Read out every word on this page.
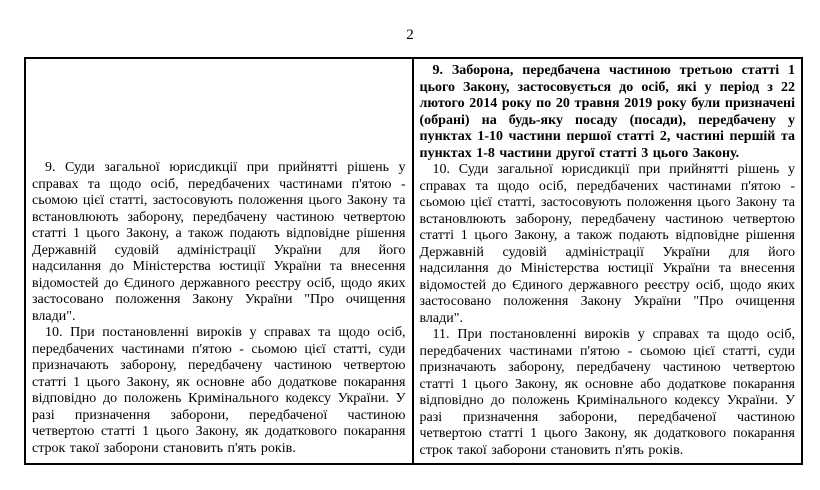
2

9. Суди загальної юрисдикції при прийнятті рішень у справах та щодо осіб, передбачених частинами п'ятою - сьомою цієї статті, застосовують положення цього Закону та встановлюють заборону, передбачену частиною четвертою статті 1 цього Закону, а також подають відповідне рішення Державній судовій адміністрації України для його надсилання до Міністерства юстиції України та внесення відомостей до Єдиного державного реєстру осіб, щодо яких застосовано положення Закону України "Про очищення влади".

10. При постановленні вироків у справах та щодо осіб, передбачених частинами п'ятою - сьомою цієї статті, суди призначають заборону, передбачену частиною четвертою статті 1 цього Закону, як основне або додаткове покарання відповідно до положень Кримінального кодексу України. У разі призначення заборони, передбаченої частиною четвертою статті 1 цього Закону, як додаткового покарання строк такої заборони становить п'ять років.

9. Заборона, передбачена частиною третьою статті 1 цього Закону, застосовується до осіб, які у період з 22 лютого 2014 року по 20 травня 2019 року були призначені (обрані) на будь-яку посаду (посади), передбачену у пунктах 1-10 частини першої статті 2, частині першій та пунктах 1-8 частини другої статті 3 цього Закону.

10. Суди загальної юрисдикції при прийнятті рішень у справах та щодо осіб, передбачених частинами п'ятою - сьомою цієї статті, застосовують положення цього Закону та встановлюють заборону, передбачену частиною четвертою статті 1 цього Закону, а також подають відповідне рішення Державній судовій адміністрації України для його надсилання до Міністерства юстиції України та внесення відомостей до Єдиного державного реєстру осіб, щодо яких застосовано положення Закону України "Про очищення влади".

11. При постановленні вироків у справах та щодо осіб, передбачених частинами п'ятою - сьомою цієї статті, суди призначають заборону, передбачену частиною четвертою статті 1 цього Закону, як основне або додаткове покарання відповідно до положень Кримінального кодексу України. У разі призначення заборони, передбаченої частиною четвертою статті 1 цього Закону, як додаткового покарання строк такої заборони становить п'ять років.
